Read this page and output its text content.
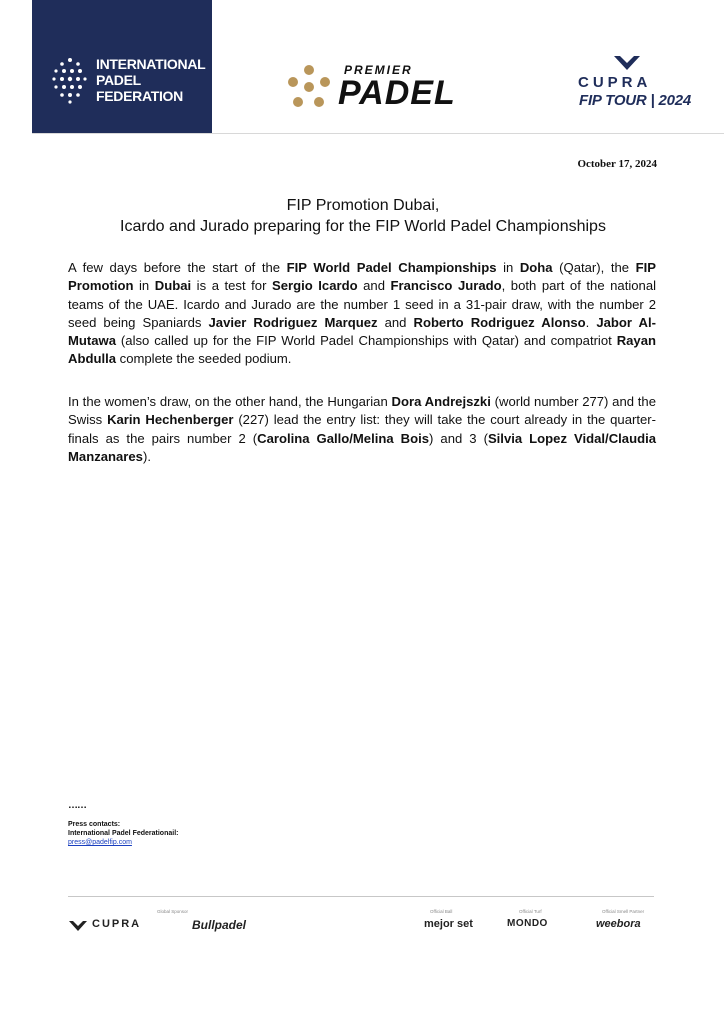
INTERNATIONAL
PADEL
FEDERATION
PREMIER
PADEL	CUPRA
FIP TOUR | 2024
October 17, 2024
FIP Promotion Dubai,
Icardo and Jurado preparing for the FIP World Padel Championships
A few days before the start of the FIP World Padel Championships in Doha (Qatar), the FIP Promotion in Dubai is a test for Sergio Icardo and Francisco Jurado, both part of the national teams of the UAE. Icardo and Jurado are the number 1 seed in a 31-pair draw, with the number 2 seed being Spaniards Javier Rodriguez Marquez and Roberto Rodriguez Alonso. Jabor Al-Mutawa (also called up for the FIP World Padel Championships with Qatar) and compatriot Rayan Abdulla complete the seeded podium.
In the women’s draw, on the other hand, the Hungarian Dora Andrejszki (world number 277) and the Swiss Karin Hechenberger (227) lead the entry list: they will take the court already in the quarter-finals as the pairs number 2 (Carolina Gallo/Melina Bois) and 3 (Silvia Lopez Vidal/Claudia Manzanares).
……
Press contacts:
International Padel Federationail:
press@padelfip.com
Global Sponsor	Official Ball	Official Turf	Official Smell Partner
CUPRA	Bullpadel	mejor set	MONDO	weebora
